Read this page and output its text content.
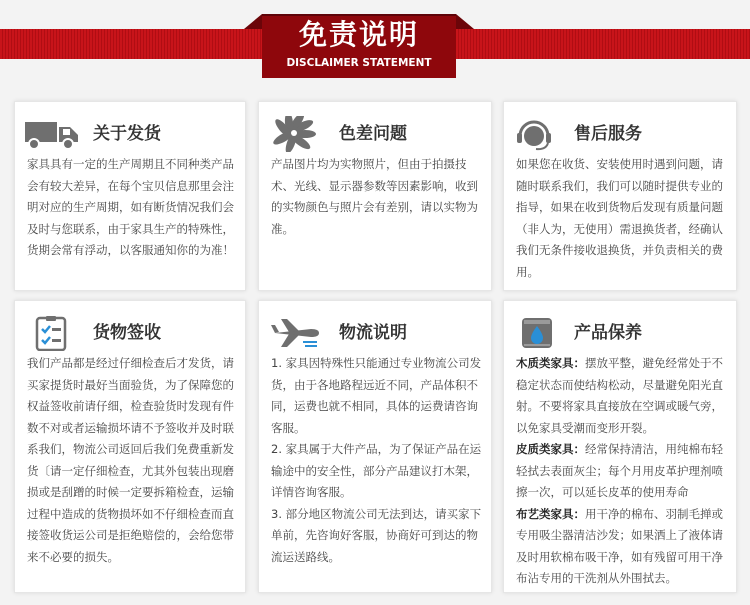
免责说明
DISCLAIMER STATEMENT
关于发货

家具具有一定的生产周期且不同种类产品会有较大差异，在每个宝贝信息那里会注明对应的生产周期，如有断货情况我们会及时与您联系，由于家具生产的特殊性，货期会常有浮动，以客服通知你的为准！

色差问题

产品图片均为实物照片，但由于拍摄技术、光线、显示器参数等因素影响，收到的实物颜色与照片会有差别，请以实物为准。

售后服务

如果您在收货、安装使用时遇到问题，请随时联系我们，我们可以随时提供专业的指导，如果在收到货物后发现有质量问题（非人为，无使用）需退换货者，经确认我们无条件接收退换货，并负责相关的费用。

货物签收

我们产品都是经过仔细检查后才发货，请买家提货时最好当面验货，为了保障您的权益签收前请仔细，检查验货时发现有件数不对或者运输损坏请不予签收并及时联系我们，物流公司返回后我们免费重新发货〔请一定仔细检查，尤其外包装出现磨损或是刮蹭的时候一定要拆箱检查，运输过程中造成的货物损坏如不仔细检查而直接签收货运公司是拒绝赔偿的，会给您带来不必要的损失。

物流说明

1. 家具因特殊性只能通过专业物流公司发货，由于各地路程远近不同，产品体积不同，运费也就不相同，具体的运费请咨询客服。

2. 家具属于大件产品，为了保证产品在运输途中的安全性，部分产品建议打木架，详情咨询客服。

3. 部分地区物流公司无法到达，请买家下单前，先咨询好客服，协商好可到达的物流运送路线。

产品保养

木质类家具：摆放平整，避免经常处于不稳定状态而使结构松动，尽量避免阳光直射。不要将家具直接放在空调或暖气旁，以免家具受潮而变形开裂。

皮质类家具：经常保持清洁，用纯棉布轻轻拭去表面灰尘；每个月用皮革护理剂喷擦一次，可以延长皮革的使用寿命

布艺类家具：用干净的棉布、羽制毛掸或专用吸尘器清洁沙发；如果洒上了液体请及时用软棉布吸干净，如有残留可用干净布沾专用的干洗剂从外围拭去。
